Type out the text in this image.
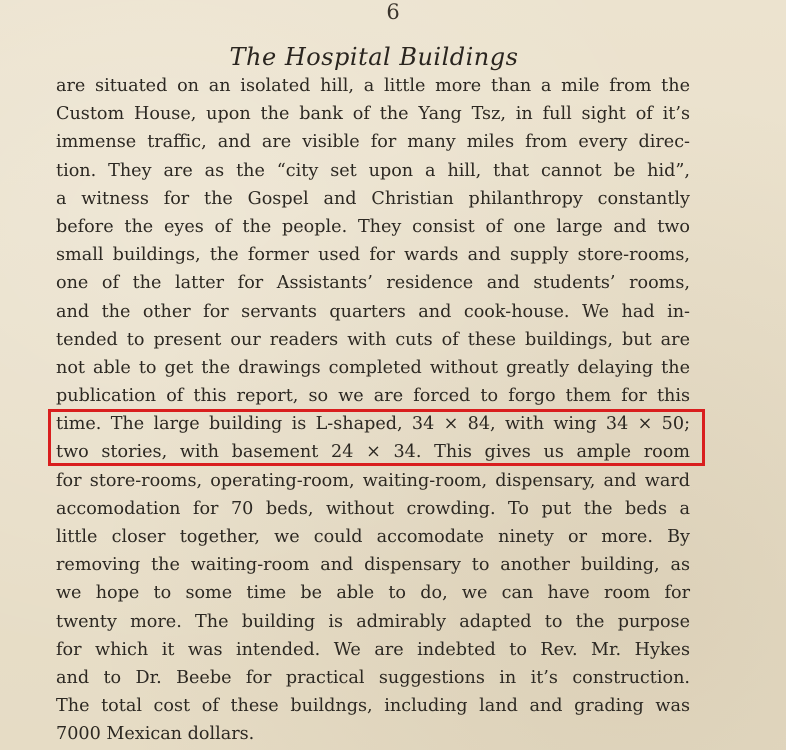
6
The Hospital Buildings
are situated on an isolated hill, a little more than a mile from the
Custom House, upon the bank of the Yang Tsz, in full sight of it’s
immense traffic, and are visible for many miles from every direc-
tion. They are as the “city set upon a hill, that cannot be hid”,
a witness for the Gospel and Christian philanthropy constantly
before the eyes of the people. They consist of one large and two
small buildings, the former used for wards and supply store-rooms,
one of the latter for Assistants’ residence and students’ rooms,
and the other for servants quarters and cook-house. We had in-
tended to present our readers with cuts of these buildings, but are
not able to get the drawings completed without greatly delaying the
publication of this report, so we are forced to forgo them for this
time. The large building is L-shaped, 34 × 84, with wing 34 × 50;
two stories, with basement 24 × 34. This gives us ample room
for store-rooms, operating-room, waiting-room, dispensary, and ward
accomodation for 70 beds, without crowding. To put the beds a
little closer together, we could accomodate ninety or more. By
removing the waiting-room and dispensary to another building, as
we hope to some time be able to do, we can have room for
twenty more. The building is admirably adapted to the purpose
for which it was intended. We are indebted to Rev. Mr. Hykes
and to Dr. Beebe for practical suggestions in it’s construction.
The total cost of these buildngs, including land and grading was
7000 Mexican dollars.
